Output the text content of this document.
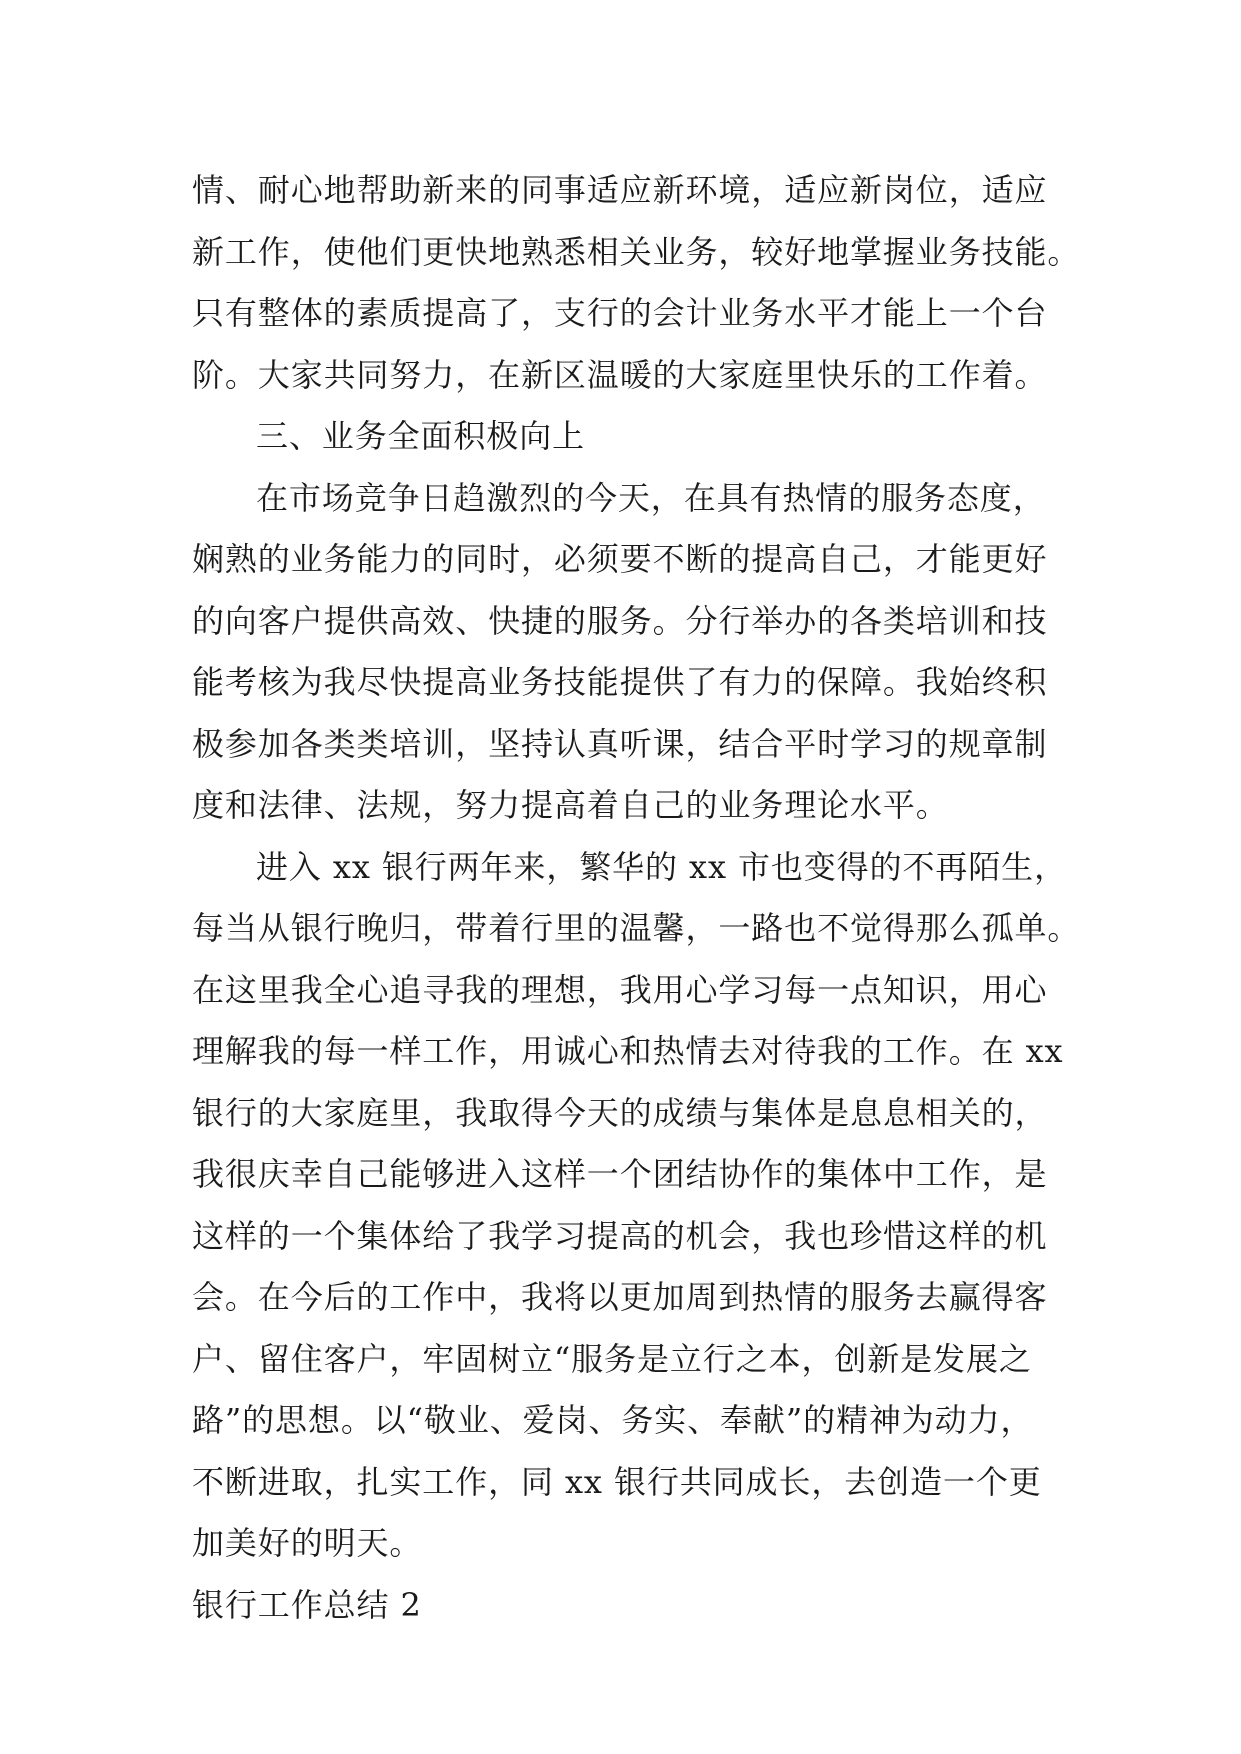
情、耐心地帮助新来的同事适应新环境，适应新岗位，适应
新工作，使他们更快地熟悉相关业务，较好地掌握业务技能。
只有整体的素质提高了，支行的会计业务水平才能上一个台
阶。大家共同努力，在新区温暖的大家庭里快乐的工作着。
三、业务全面积极向上
在市场竞争日趋激烈的今天，在具有热情的服务态度，
娴熟的业务能力的同时，必须要不断的提高自己，才能更好
的向客户提供高效、快捷的服务。分行举办的各类培训和技
能考核为我尽快提高业务技能提供了有力的保障。我始终积
极参加各类类培训，坚持认真听课，结合平时学习的规章制
度和法律、法规，努力提高着自己的业务理论水平。
进入 xx 银行两年来，繁华的 xx 市也变得的不再陌生，
每当从银行晚归，带着行里的温馨，一路也不觉得那么孤单。
在这里我全心追寻我的理想，我用心学习每一点知识，用心
理解我的每一样工作，用诚心和热情去对待我的工作。在 xx
银行的大家庭里，我取得今天的成绩与集体是息息相关的，
我很庆幸自己能够进入这样一个团结协作的集体中工作，是
这样的一个集体给了我学习提高的机会，我也珍惜这样的机
会。在今后的工作中，我将以更加周到热情的服务去赢得客
户、留住客户，牢固树立“服务是立行之本，创新是发展之
路”的思想。以“敬业、爱岗、务实、奉献”的精神为动力，
不断进取，扎实工作，同 xx 银行共同成长，去创造一个更
加美好的明天。
银行工作总结 2
